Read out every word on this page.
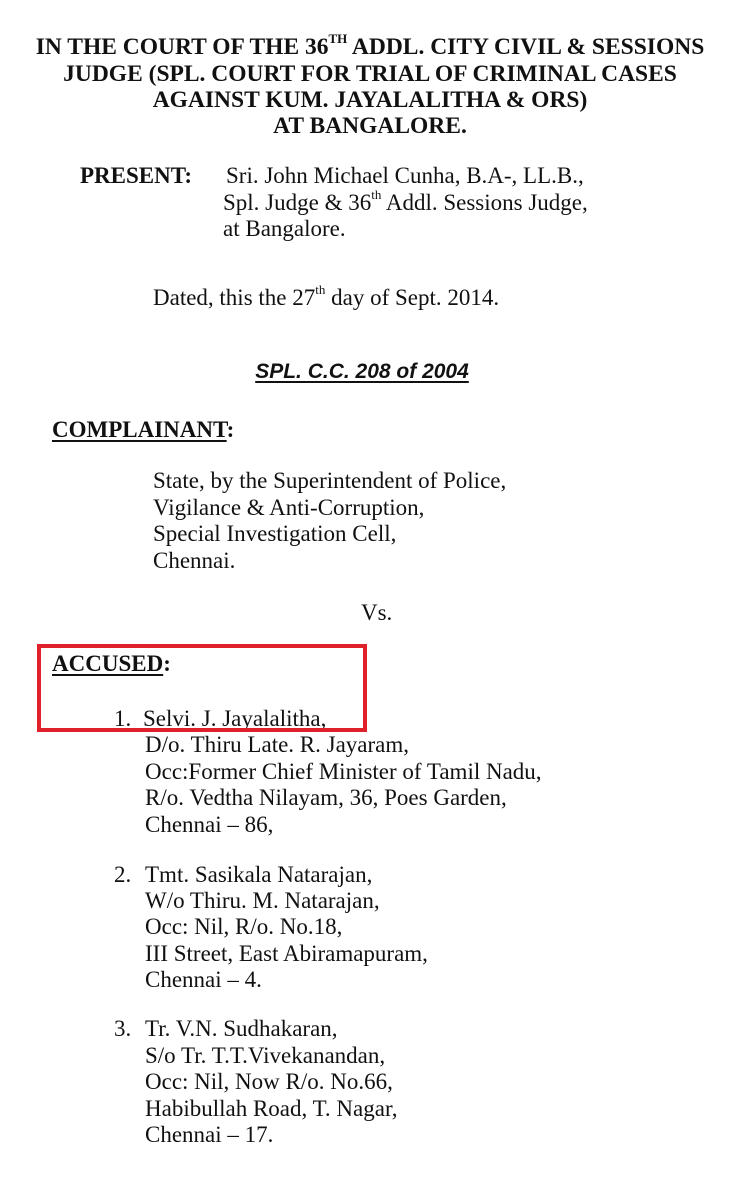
IN THE COURT OF THE 36TH ADDL. CITY CIVIL & SESSIONS
JUDGE (SPL. COURT FOR TRIAL OF CRIMINAL CASES
AGAINST KUM. JAYALALITHA & ORS)
AT BANGALORE.
PRESENT: Sri. John Michael Cunha, B.A-, LL.B.,
Spl. Judge & 36th Addl. Sessions Judge,
at Bangalore.
Dated, this the 27th day of Sept. 2014.
SPL. C.C. 208 of 2004
COMPLAINANT:
State, by the Superintendent of Police,
Vigilance & Anti-Corruption,
Special Investigation Cell,
Chennai.
Vs.
ACCUSED:
1. Selvi. J. Jayalalitha,
D/o. Thiru Late. R. Jayaram,
Occ:Former Chief Minister of Tamil Nadu,
R/o. Vedtha Nilayam, 36, Poes Garden,
Chennai – 86,
2. Tmt. Sasikala Natarajan,
W/o Thiru. M. Natarajan,
Occ: Nil, R/o. No.18,
III Street, East Abiramapuram,
Chennai – 4.
3. Tr. V.N. Sudhakaran,
S/o Tr. T.T.Vivekanandan,
Occ: Nil, Now R/o. No.66,
Habibullah Road, T. Nagar,
Chennai – 17.
